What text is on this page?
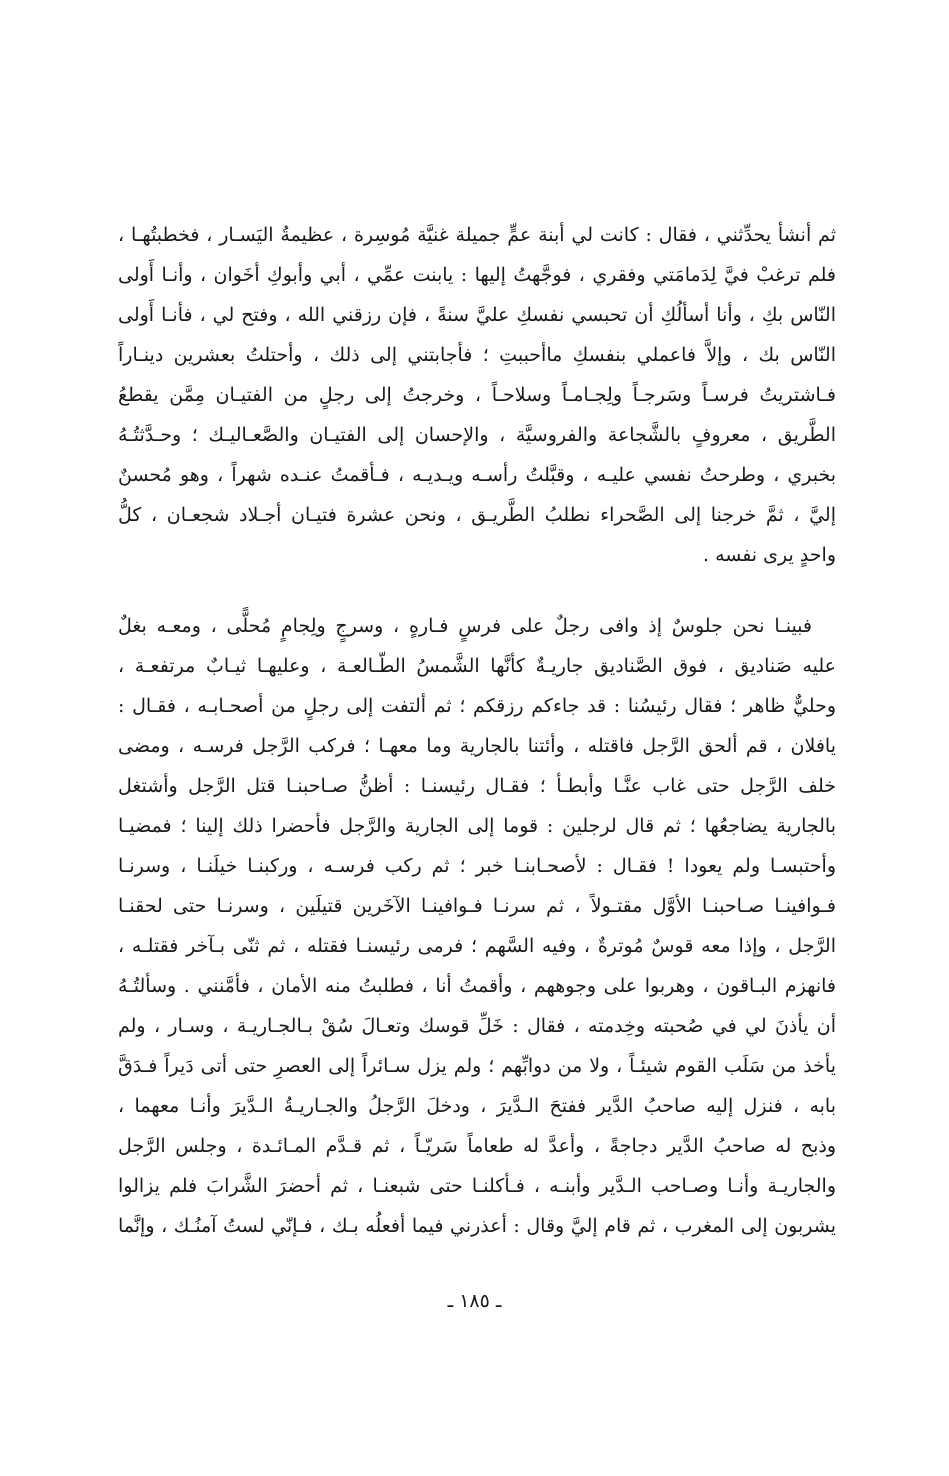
ثم أنشأ يحدِّثني ، فقال : كانت لي أبنة عمٍّ جميلة غنيَّة مُوسِرة ، عظيمةُ اليَسـار ، فخطبتُهـا ،
فلم ترغبْ فيَّ لِدَمامَتي وفقري ، فوجَّهتُ إليها : يابنت عمِّي ، أبي وأبوكِ أخَوان ، وأنـا أَولى
النّاس بكِ ، وأنا أسألُكِ أن تحبسي نفسكِ عليَّ سنةً ، فإن رزقني الله ، وفتح لي ، فأنـا أَولى
النّاس بك ، وإلاَّ فاعملي بنفسكِ ماأحببتِ ؛ فأجابتني إلى ذلك ، وأحتلتُ بعشرين دينـاراً
فـاشتريتُ فرسـاً وسَرجـاً ولِجـامـاً وسلاحـاً ، وخرجتُ إلى رجلٍ من الفتيـان مِمَّن يقطعُ
الطَّريق ، معروفٍ بالشَّجاعة والفروسيَّة ، والإحسان إلى الفتيـان والصَّعـاليـك ؛ وحـدَّثتُـهُ
بخبري ، وطرحتُ نفسي عليـه ، وقبَّلتُ رأسـه ويـديـه ، فـأقمتُ عنـده شهراً ، وهو مُحسنٌ
إليَّ ، ثمَّ خرجنا إلى الصَّحراء نطلبُ الطَّريـق ، ونحن عشرة فتيـان أجـلاد شجعـان ، كلُّ
واحدٍ يرى نفسه .
فبينـا نحن جلوسٌ إذ وافى رجلٌ على فرسٍ فـارهٍ ، وسرجٍ ولِجامٍ مُحلًّى ، ومعـه بغلٌ
عليه صَناديق ، فوق الصَّناديق جاريـةٌ كأنَّها الشَّمسُ الطّـالعـة ، وعليهـا ثيـابٌ مرتفعـة ،
وحليٌّ ظاهر ؛ فقال رئيسُنا : قد جاءكم رزقكم ؛ ثم ألتفت إلى رجلٍ من أصحـابـه ، فقـال :
يافلان ، قم ألحق الرَّجل فاقتله ، وأئتنا بالجارية وما معهـا ؛ فركب الرَّجل فرسـه ، ومضى
خلف الرَّجل حتى غاب عنَّـا وأبطـأ ؛ فقـال رئيسنـا : أظنُّ صـاحبنـا قتل الرَّجل وأشتغل
بالجارية يضاجعُها ؛ ثم قال لرجلين : قوما إلى الجارية والرَّجل فأحضرا ذلك إلينا ؛ فمضيـا
وأحتبسـا ولم يعودا ! فقـال : لأصحـابنـا خبر ؛ ثم ركب فرسـه ، وركبنـا خيلَنـا ، وسرنـا
فـوافينـا صـاحبنـا الأوَّل مقتـولاً ، ثم سرنـا فـوافينـا الآخَرين قتيلَين ، وسرنـا حتى لحقنـا
الرَّجل ، وإذا معه قوسٌ مُوترةٌ ، وفيه السَّهم ؛ فرمى رئيسنـا فقتله ، ثم ثنّى بـآخر فقتلـه ،
فانهزم البـاقون ، وهربوا على وجوههم ، وأقمتُ أنا ، فطلبتُ منه الأمان ، فأمَّنني . وسألتُـهُ
أن يأذنَ لي في صُحبته وخِدمته ، فقال : خَلِّ قوسك وتعـالَ سُقْ بـالجـاريـة ، وسـار ، ولم
يأخذ من سَلَب القوم شيئـاً ، ولا من دوابِّهم ؛ ولم يزل سـائراً إلى العصرِ حتى أتى دَيراً فـدَقَّ
بابه ، فنزل إليه صاحبُ الدَّير ففتحَ الـدَّيرَ ، ودخلَ الرَّجلُ والجـاريـةُ الـدَّيرَ وأنـا معهما ،
وذبح له صاحبُ الدَّير دجاجةً ، وأعدَّ له طعاماً سَريّـاً ، ثم قـدَّم المـائـدة ، وجلس الرَّجل
والجاريـة وأنـا وصـاحب الـدَّير وأبنـه ، فـأكلنـا حتى شبعنـا ، ثم أحضرَ الشَّرابَ فلم يزالوا
يشربون إلى المغرب ، ثم قام إليَّ وقال : أعذرني فيما أفعلُه بـك ، فـإنّي لستُ آمنُـك ، وإنَّما
ـ ١٨٥ ـ
